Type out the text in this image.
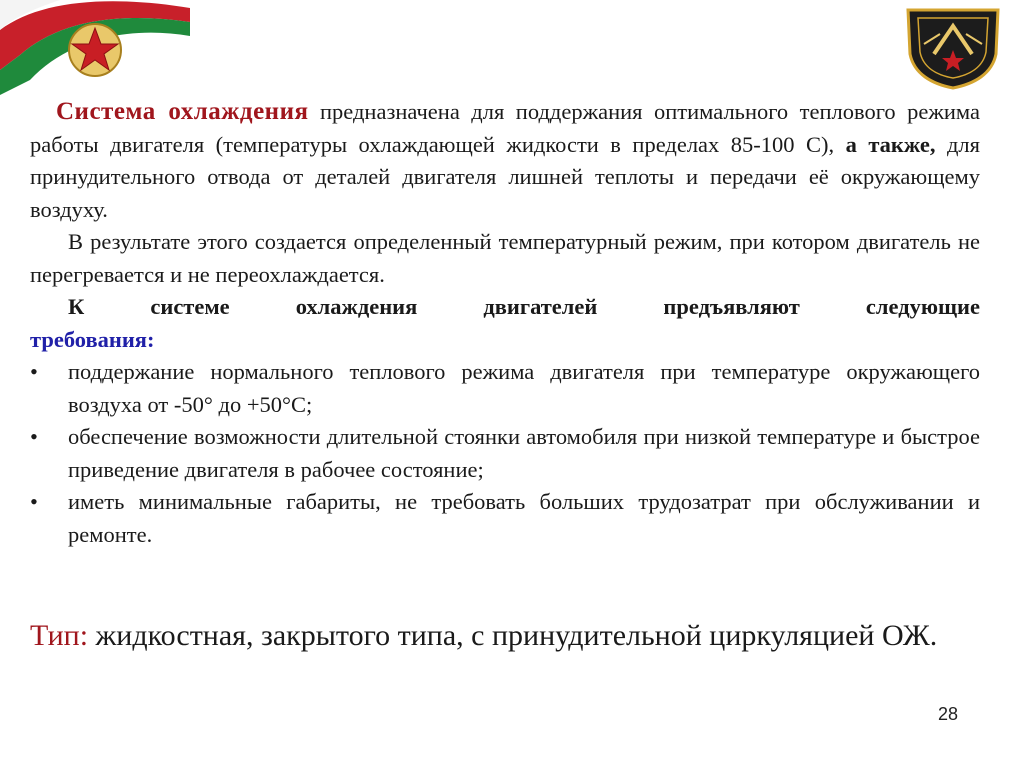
Система охлаждения предназначена для поддержания оптимального теплового режима работы двигателя (температуры охлаждающей жидкости в пределах 85-100 С), а также, для принудительного отвода от деталей двигателя лишней теплоты и передачи её окружающему воздуху.

В результате этого создается определенный температурный режим, при котором двигатель не перегревается и не переохлаждается.

К	системе	охлаждения	двигателей	предъявляют	следующие
требования:
•	поддержание нормального теплового режима двигателя при температуре окружающего воздуха от -50° до +50°С;
•	обеспечение возможности длительной стоянки автомобиля при низкой температуре и быстрое приведение двигателя в рабочее состояние;
•	иметь минимальные габариты, не требовать больших трудозатрат при обслуживании и ремонте.
Тип: жидкостная, закрытого типа, с принудительной циркуляцией ОЖ.
28
